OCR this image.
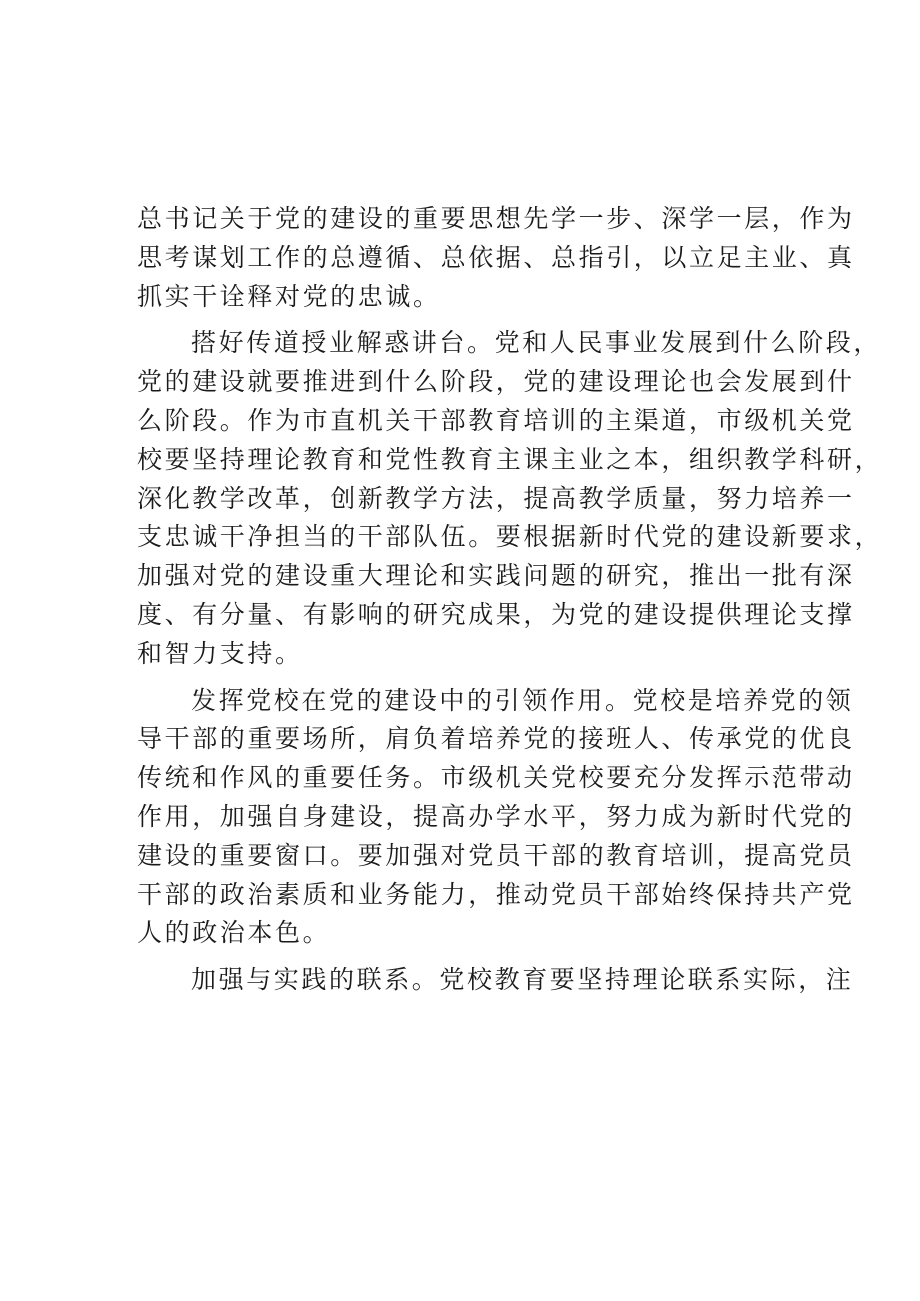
总书记关于党的建设的重要思想先学一步、深学一层，作为
思考谋划工作的总遵循、总依据、总指引，以立足主业、真
抓实干诠释对党的忠诚。
搭好传道授业解惑讲台。党和人民事业发展到什么阶段，
党的建设就要推进到什么阶段，党的建设理论也会发展到什
么阶段。作为市直机关干部教育培训的主渠道，市级机关党
校要坚持理论教育和党性教育主课主业之本，组织教学科研，
深化教学改革，创新教学方法，提高教学质量，努力培养一
支忠诚干净担当的干部队伍。要根据新时代党的建设新要求，
加强对党的建设重大理论和实践问题的研究，推出一批有深
度、有分量、有影响的研究成果，为党的建设提供理论支撑
和智力支持。
发挥党校在党的建设中的引领作用。党校是培养党的领
导干部的重要场所，肩负着培养党的接班人、传承党的优良
传统和作风的重要任务。市级机关党校要充分发挥示范带动
作用，加强自身建设，提高办学水平，努力成为新时代党的
建设的重要窗口。要加强对党员干部的教育培训，提高党员
干部的政治素质和业务能力，推动党员干部始终保持共产党
人的政治本色。
加强与实践的联系。党校教育要坚持理论联系实际，注
